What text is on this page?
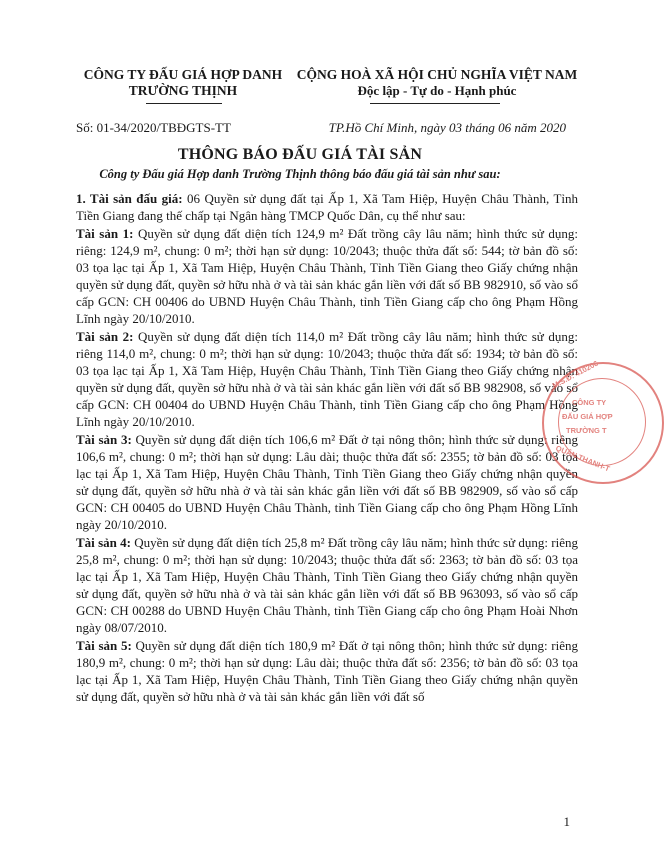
CÔNG TY ĐẤU GIÁ HỢP DANH
TRƯỜNG THỊNH
CỘNG HOÀ XÃ HỘI CHỦ NGHĨA VIỆT NAM
Độc lập - Tự do - Hạnh phúc
Số: 01-34/2020/TBĐGTS-TT	TP.Hồ Chí Minh, ngày 03 tháng 06 năm 2020
THÔNG BÁO ĐẤU GIÁ TÀI SẢN
Công ty Đấu giá Hợp danh Trường Thịnh thông báo đấu giá tài sản như sau:

1. Tài sản đấu giá: 06 Quyền sử dụng đất tại Ấp 1, Xã Tam Hiệp, Huyện Châu Thành, Tỉnh Tiền Giang đang thế chấp tại Ngân hàng TMCP Quốc Dân, cụ thể như sau:

Tài sản 1: Quyền sử dụng đất diện tích 124,9 m² Đất trồng cây lâu năm; hình thức sử dụng: riêng: 124,9 m², chung: 0 m²; thời hạn sử dụng: 10/2043; thuộc thửa đất số: 544; tờ bản đồ số: 03 tọa lạc tại Ấp 1, Xã Tam Hiệp, Huyện Châu Thành, Tỉnh Tiền Giang theo Giấy chứng nhận quyền sử dụng đất, quyền sở hữu nhà ở và tài sản khác gắn liền với đất số BB 982910, số vào sổ cấp GCN: CH 00406 do UBND Huyện Châu Thành, tỉnh Tiền Giang cấp cho ông Phạm Hồng Lĩnh ngày 20/10/2010.

Tài sản 2: Quyền sử dụng đất diện tích 114,0 m² Đất trồng cây lâu năm; hình thức sử dụng: riêng 114,0 m², chung: 0 m²; thời hạn sử dụng: 10/2043; thuộc thửa đất số: 1934; tờ bản đồ số: 03 tọa lạc tại Ấp 1, Xã Tam Hiệp, Huyện Châu Thành, Tỉnh Tiền Giang theo Giấy chứng nhận quyền sử dụng đất, quyền sở hữu nhà ở và tài sản khác gắn liền với đất số BB 982908, số vào sổ cấp GCN: CH 00404 do UBND Huyện Châu Thành, tỉnh Tiền Giang cấp cho ông Phạm Hồng Lĩnh ngày 20/10/2010.

Tài sản 3: Quyền sử dụng đất diện tích 106,6 m² Đất ở tại nông thôn; hình thức sử dụng: riêng 106,6 m², chung: 0 m²; thời hạn sử dụng: Lâu dài; thuộc thửa đất số: 2355; tờ bản đồ số: 03 tọa lạc tại Ấp 1, Xã Tam Hiệp, Huyện Châu Thành, Tỉnh Tiền Giang theo Giấy chứng nhận quyền sử dụng đất, quyền sở hữu nhà ở và tài sản khác gắn liền với đất số BB 982909, số vào sổ cấp GCN: CH 00405 do UBND Huyện Châu Thành, tỉnh Tiền Giang cấp cho ông Phạm Hồng Lĩnh ngày 20/10/2010.

Tài sản 4: Quyền sử dụng đất diện tích 25,8 m² Đất trồng cây lâu năm; hình thức sử dụng: riêng 25,8 m², chung: 0 m²; thời hạn sử dụng: 10/2043; thuộc thửa đất số: 2363; tờ bản đồ số: 03 tọa lạc tại Ấp 1, Xã Tam Hiệp, Huyện Châu Thành, Tỉnh Tiền Giang theo Giấy chứng nhận quyền sử dụng đất, quyền sở hữu nhà ở và tài sản khác gắn liền với đất số BB 963093, số vào sổ cấp GCN: CH 00288 do UBND Huyện Châu Thành, tỉnh Tiền Giang cấp cho ông Phạm Hoài Nhơn ngày 08/07/2010.

Tài sản 5: Quyền sử dụng đất diện tích 180,9 m² Đất ở tại nông thôn; hình thức sử dụng: riêng 180,9 m², chung: 0 m²; thời hạn sử dụng: Lâu dài; thuộc thửa đất số: 2356; tờ bản đồ số: 03 tọa lạc tại Ấp 1, Xã Tam Hiệp, Huyện Châu Thành, Tỉnh Tiền Giang theo Giấy chứng nhận quyền sử dụng đất, quyền sở hữu nhà ở và tài sản khác gắn liền với đất số

M.S.Đ: 410206
CÔNG TY
ĐẤU GIÁ HỢP
TRƯỜNG T
QUẬN THANH-T
1
